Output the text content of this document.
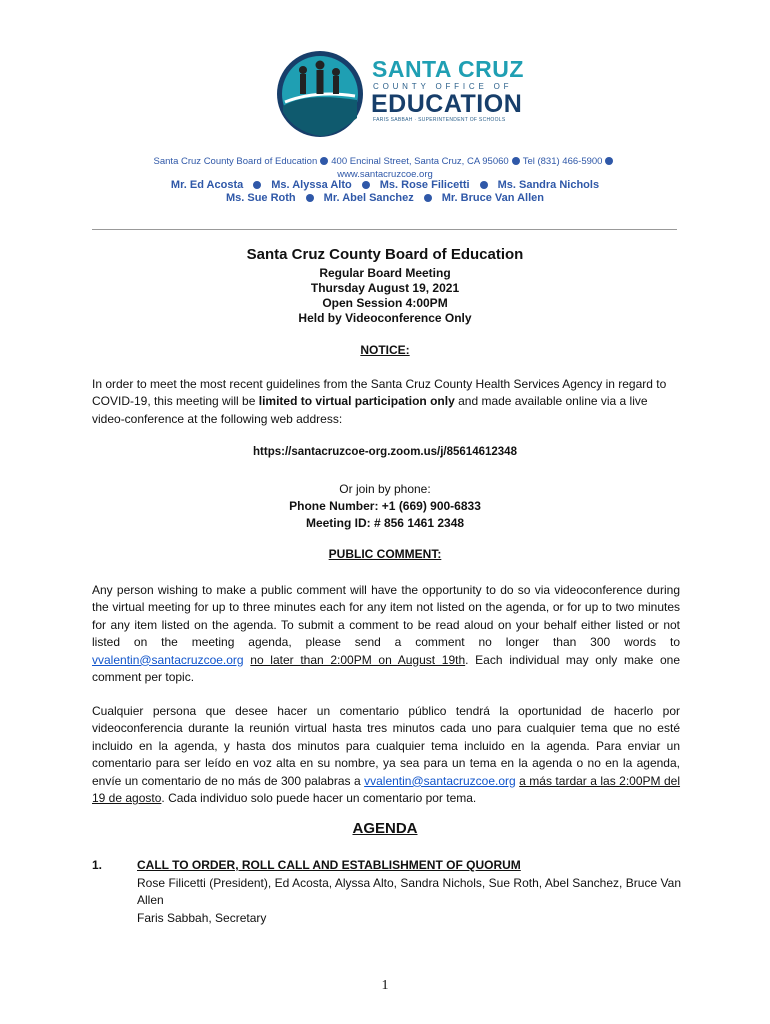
SANTA CRUZ
COUNTY OFFICE OF
EDUCATION
FARIS SABBAH · SUPERINTENDENT OF SCHOOLS
Santa Cruz County Board of Education 400 Encinal Street, Santa Cruz, CA 95060 Tel (831) 466-5900
www.santacruzcoe.org
Mr. Ed Acosta	Ms. Alyssa Alto	Ms. Rose Filicetti	Ms. Sandra Nichols
Ms. Sue Roth	Mr. Abel Sanchez	Mr. Bruce Van Allen
Santa Cruz County Board of Education
Regular Board Meeting
Thursday August 19, 2021
Open Session 4:00PM
Held by Videoconference Only
NOTICE:
In order to meet the most recent guidelines from the Santa Cruz County Health Services Agency in regard to COVID-19, this meeting will be limited to virtual participation only and made available online via a live video-conference at the following web address:
https://santacruzcoe-org.zoom.us/j/85614612348
Or join by phone:
Phone Number: +1 (669) 900-6833
Meeting ID: # 856 1461 2348
PUBLIC COMMENT:
Any person wishing to make a public comment will have the opportunity to do so via videoconference during the virtual meeting for up to three minutes each for any item not listed on the agenda, or for up to two minutes for any item listed on the agenda. To submit a comment to be read aloud on your behalf either listed or not listed on the meeting agenda, please send a comment no longer than 300 words to vvalentin@santacruzcoe.org no later than 2:00PM on August 19th. Each individual may only make one comment per topic.
Cualquier persona que desee hacer un comentario público tendrá la oportunidad de hacerlo por videoconferencia durante la reunión virtual hasta tres minutos cada uno para cualquier tema que no esté incluido en la agenda, y hasta dos minutos para cualquier tema incluido en la agenda. Para enviar un comentario para ser leído en voz alta en su nombre, ya sea para un tema en la agenda o no en la agenda, envíe un comentario de no más de 300 palabras a vvalentin@santacruzcoe.org a más tardar a las 2:00PM del 19 de agosto. Cada individuo solo puede hacer un comentario por tema.
AGENDA
1.	CALL TO ORDER, ROLL CALL AND ESTABLISHMENT OF QUORUM
Rose Filicetti (President), Ed Acosta, Alyssa Alto, Sandra Nichols, Sue Roth, Abel Sanchez, Bruce Van Allen
Faris Sabbah, Secretary
1
